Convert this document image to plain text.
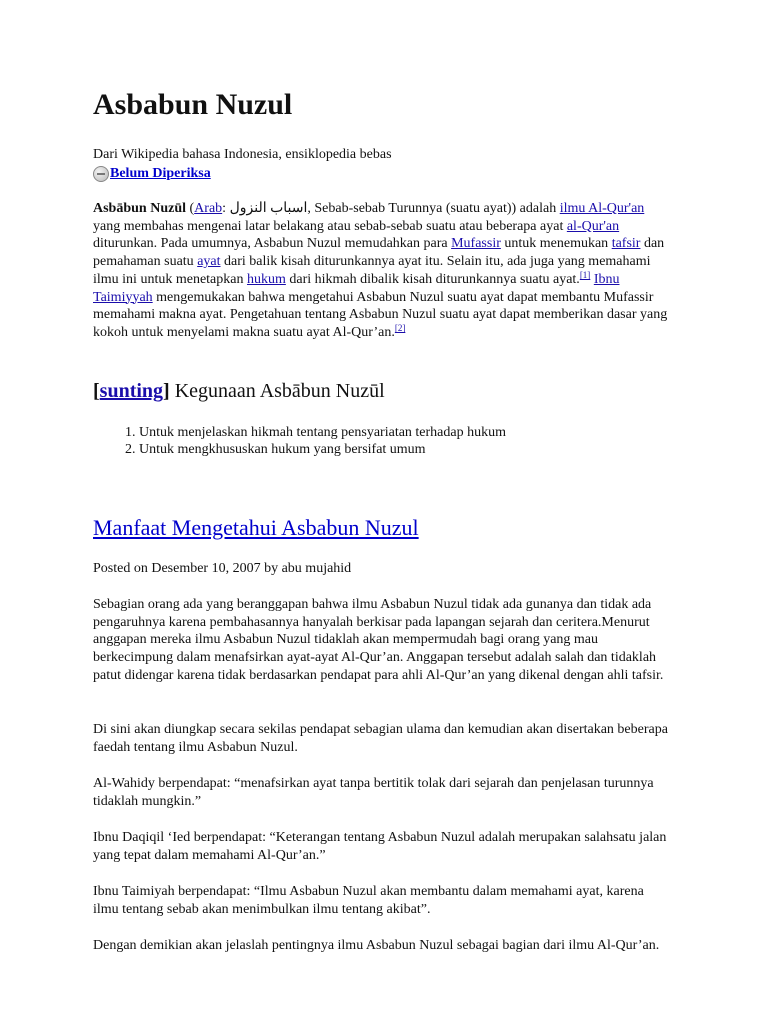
Asbabun Nuzul
Dari Wikipedia bahasa Indonesia, ensiklopedia bebas
Belum Diperiksa

Asbābun Nuzūl (Arab: اسباب النزول, Sebab-sebab Turunnya (suatu ayat)) adalah ilmu Al-Qur'an yang membahas mengenai latar belakang atau sebab-sebab suatu atau beberapa ayat al-Qur'an diturunkan. Pada umumnya, Asbabun Nuzul memudahkan para Mufassir untuk menemukan tafsir dan pemahaman suatu ayat dari balik kisah diturunkannya ayat itu. Selain itu, ada juga yang memahami ilmu ini untuk menetapkan hukum dari hikmah dibalik kisah diturunkannya suatu ayat.[1] Ibnu Taimiyyah mengemukakan bahwa mengetahui Asbabun Nuzul suatu ayat dapat membantu Mufassir memahami makna ayat. Pengetahuan tentang Asbabun Nuzul suatu ayat dapat memberikan dasar yang kokoh untuk menyelami makna suatu ayat Al-Qur’an.[2]

[sunting] Kegunaan Asbābun Nuzūl
1. Untuk menjelaskan hikmah tentang pensyariatan terhadap hukum
2. Untuk mengkhususkan hukum yang bersifat umum
Manfaat Mengetahui Asbabun Nuzul
Posted on Desember 10, 2007 by abu mujahid

Sebagian orang ada yang beranggapan bahwa ilmu Asbabun Nuzul tidak ada gunanya dan tidak ada pengaruhnya karena pembahasannya hanyalah berkisar pada lapangan sejarah dan ceritera.Menurut anggapan mereka ilmu Asbabun Nuzul tidaklah akan mempermudah bagi orang yang mau berkecimpung dalam menafsirkan ayat-ayat Al-Qur’an. Anggapan tersebut adalah salah dan tidaklah patut didengar karena tidak berdasarkan pendapat para ahli Al-Qur’an yang dikenal dengan ahli tafsir.

Di sini akan diungkap secara sekilas pendapat sebagian ulama dan kemudian akan disertakan beberapa faedah tentang ilmu Asbabun Nuzul.

Al-Wahidy berpendapat: “menafsirkan ayat tanpa bertitik tolak dari sejarah dan penjelasan turunnya tidaklah mungkin.”

Ibnu Daqiqil ‘Ied berpendapat: “Keterangan tentang Asbabun Nuzul adalah merupakan salahsatu jalan yang tepat dalam memahami Al-Qur’an.”

Ibnu Taimiyah berpendapat: “Ilmu Asbabun Nuzul akan membantu dalam memahami ayat, karena ilmu tentang sebab akan menimbulkan ilmu tentang akibat”.

Dengan demikian akan jelaslah pentingnya ilmu Asbabun Nuzul sebagai bagian dari ilmu Al-Qur’an.
